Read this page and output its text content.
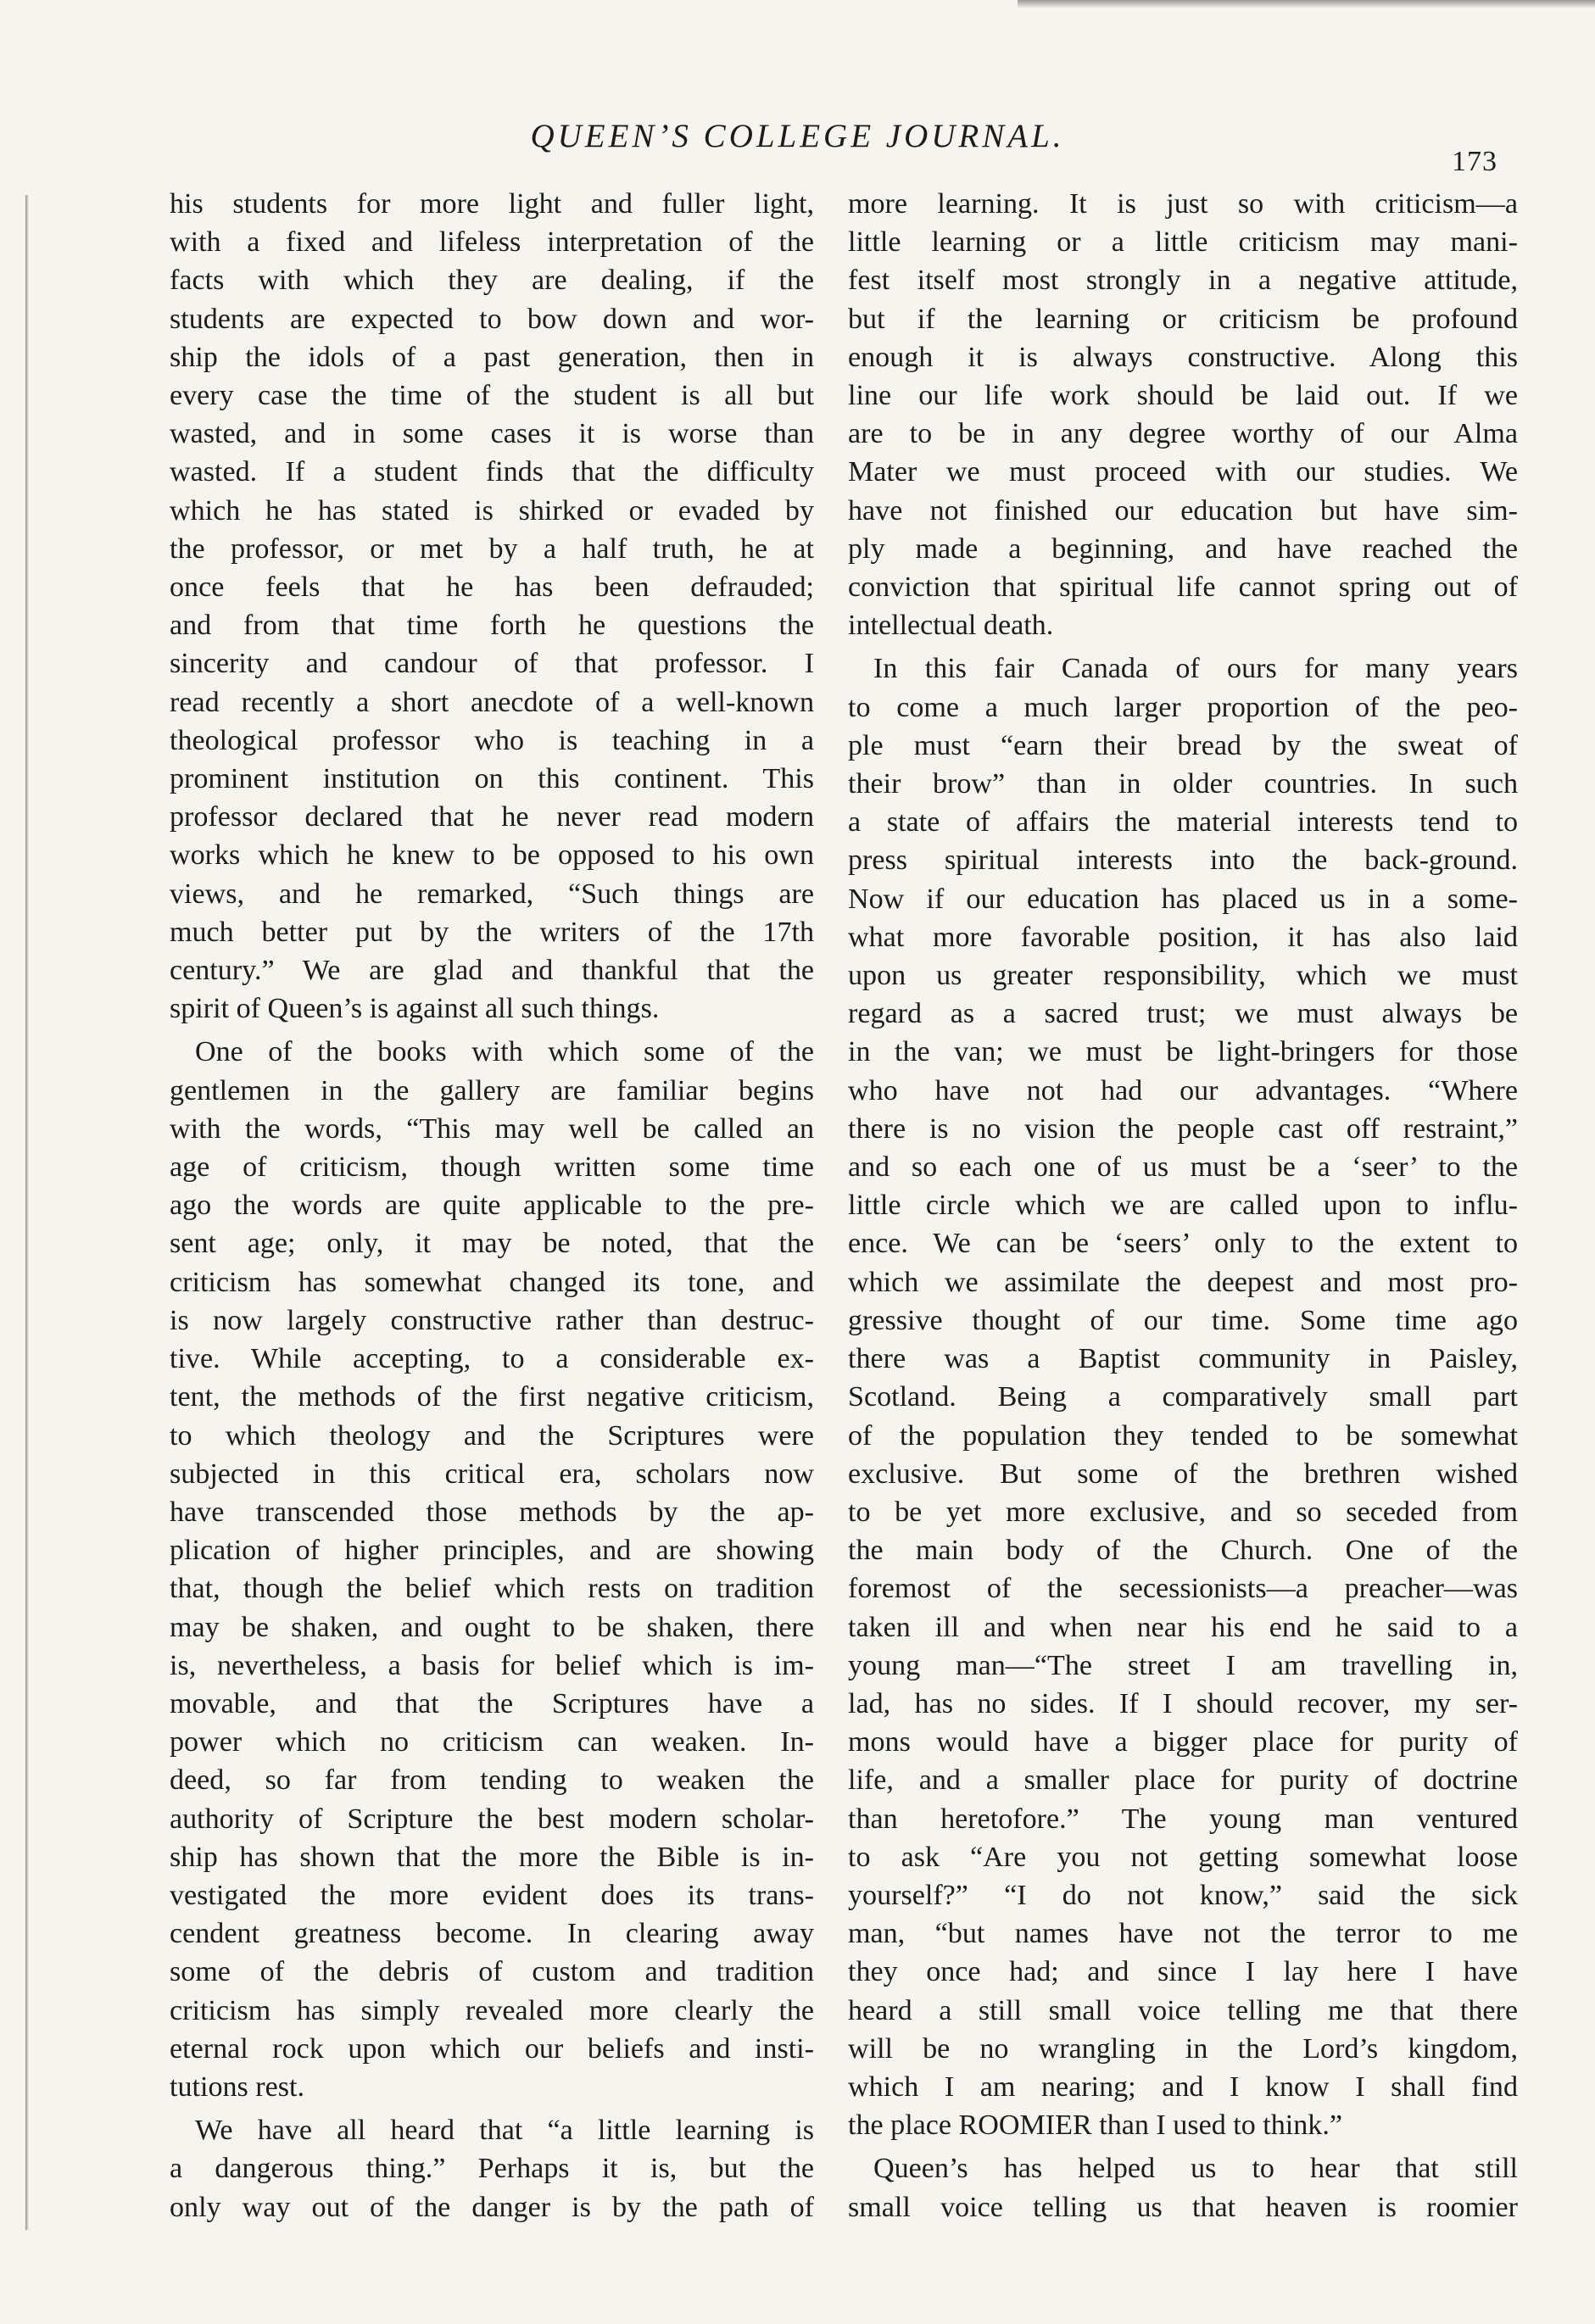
QUEEN’S COLLEGE JOURNAL.
173
his students for more light and fuller light,
with a fixed and lifeless interpretation of the
facts with which they are dealing, if the
students are expected to bow down and wor-
ship the idols of a past generation, then in
every case the time of the student is all but
wasted, and in some cases it is worse than
wasted. If a student finds that the difficulty
which he has stated is shirked or evaded by
the professor, or met by a half truth, he at
once feels that he has been defrauded;
and from that time forth he questions the
sincerity and candour of that professor. I
read recently a short anecdote of a well-known
theological professor who is teaching in a
prominent institution on this continent. This
professor declared that he never read modern
works which he knew to be opposed to his own
views, and he remarked, “Such things are
much better put by the writers of the 17th
century.” We are glad and thankful that the
spirit of Queen’s is against all such things.
One of the books with which some of the
gentlemen in the gallery are familiar begins
with the words, “This may well be called an
age of criticism, though written some time
ago the words are quite applicable to the pre-
sent age; only, it may be noted, that the
criticism has somewhat changed its tone, and
is now largely constructive rather than destruc-
tive. While accepting, to a considerable ex-
tent, the methods of the first negative criticism,
to which theology and the Scriptures were
subjected in this critical era, scholars now
have transcended those methods by the ap-
plication of higher principles, and are showing
that, though the belief which rests on tradition
may be shaken, and ought to be shaken, there
is, nevertheless, a basis for belief which is im-
movable, and that the Scriptures have a
power which no criticism can weaken. In-
deed, so far from tending to weaken the
authority of Scripture the best modern scholar-
ship has shown that the more the Bible is in-
vestigated the more evident does its trans-
cendent greatness become. In clearing away
some of the debris of custom and tradition
criticism has simply revealed more clearly the
eternal rock upon which our beliefs and insti-
tutions rest.
We have all heard that “a little learning is
a dangerous thing.” Perhaps it is, but the
only way out of the danger is by the path of
more learning. It is just so with criticism—a
little learning or a little criticism may mani-
fest itself most strongly in a negative attitude,
but if the learning or criticism be profound
enough it is always constructive. Along this
line our life work should be laid out. If we
are to be in any degree worthy of our Alma
Mater we must proceed with our studies. We
have not finished our education but have sim-
ply made a beginning, and have reached the
conviction that spiritual life cannot spring out of
intellectual death.
In this fair Canada of ours for many years
to come a much larger proportion of the peo-
ple must “earn their bread by the sweat of
their brow” than in older countries. In such
a state of affairs the material interests tend to
press spiritual interests into the back-ground.
Now if our education has placed us in a some-
what more favorable position, it has also laid
upon us greater responsibility, which we must
regard as a sacred trust; we must always be
in the van; we must be light-bringers for those
who have not had our advantages. “Where
there is no vision the people cast off restraint,”
and so each one of us must be a ‘seer’ to the
little circle which we are called upon to influ-
ence. We can be ‘seers’ only to the extent to
which we assimilate the deepest and most pro-
gressive thought of our time. Some time ago
there was a Baptist community in Paisley,
Scotland. Being a comparatively small part
of the population they tended to be somewhat
exclusive. But some of the brethren wished
to be yet more exclusive, and so seceded from
the main body of the Church. One of the
foremost of the secessionists—a preacher—was
taken ill and when near his end he said to a
young man—“The street I am travelling in,
lad, has no sides. If I should recover, my ser-
mons would have a bigger place for purity of
life, and a smaller place for purity of doctrine
than heretofore.” The young man ventured
to ask “Are you not getting somewhat loose
yourself?” “I do not know,” said the sick
man, “but names have not the terror to me
they once had; and since I lay here I have
heard a still small voice telling me that there
will be no wrangling in the Lord’s kingdom,
which I am nearing; and I know I shall find
the place ROOMIER than I used to think.”
Queen’s has helped us to hear that still
small voice telling us that heaven is roomier
